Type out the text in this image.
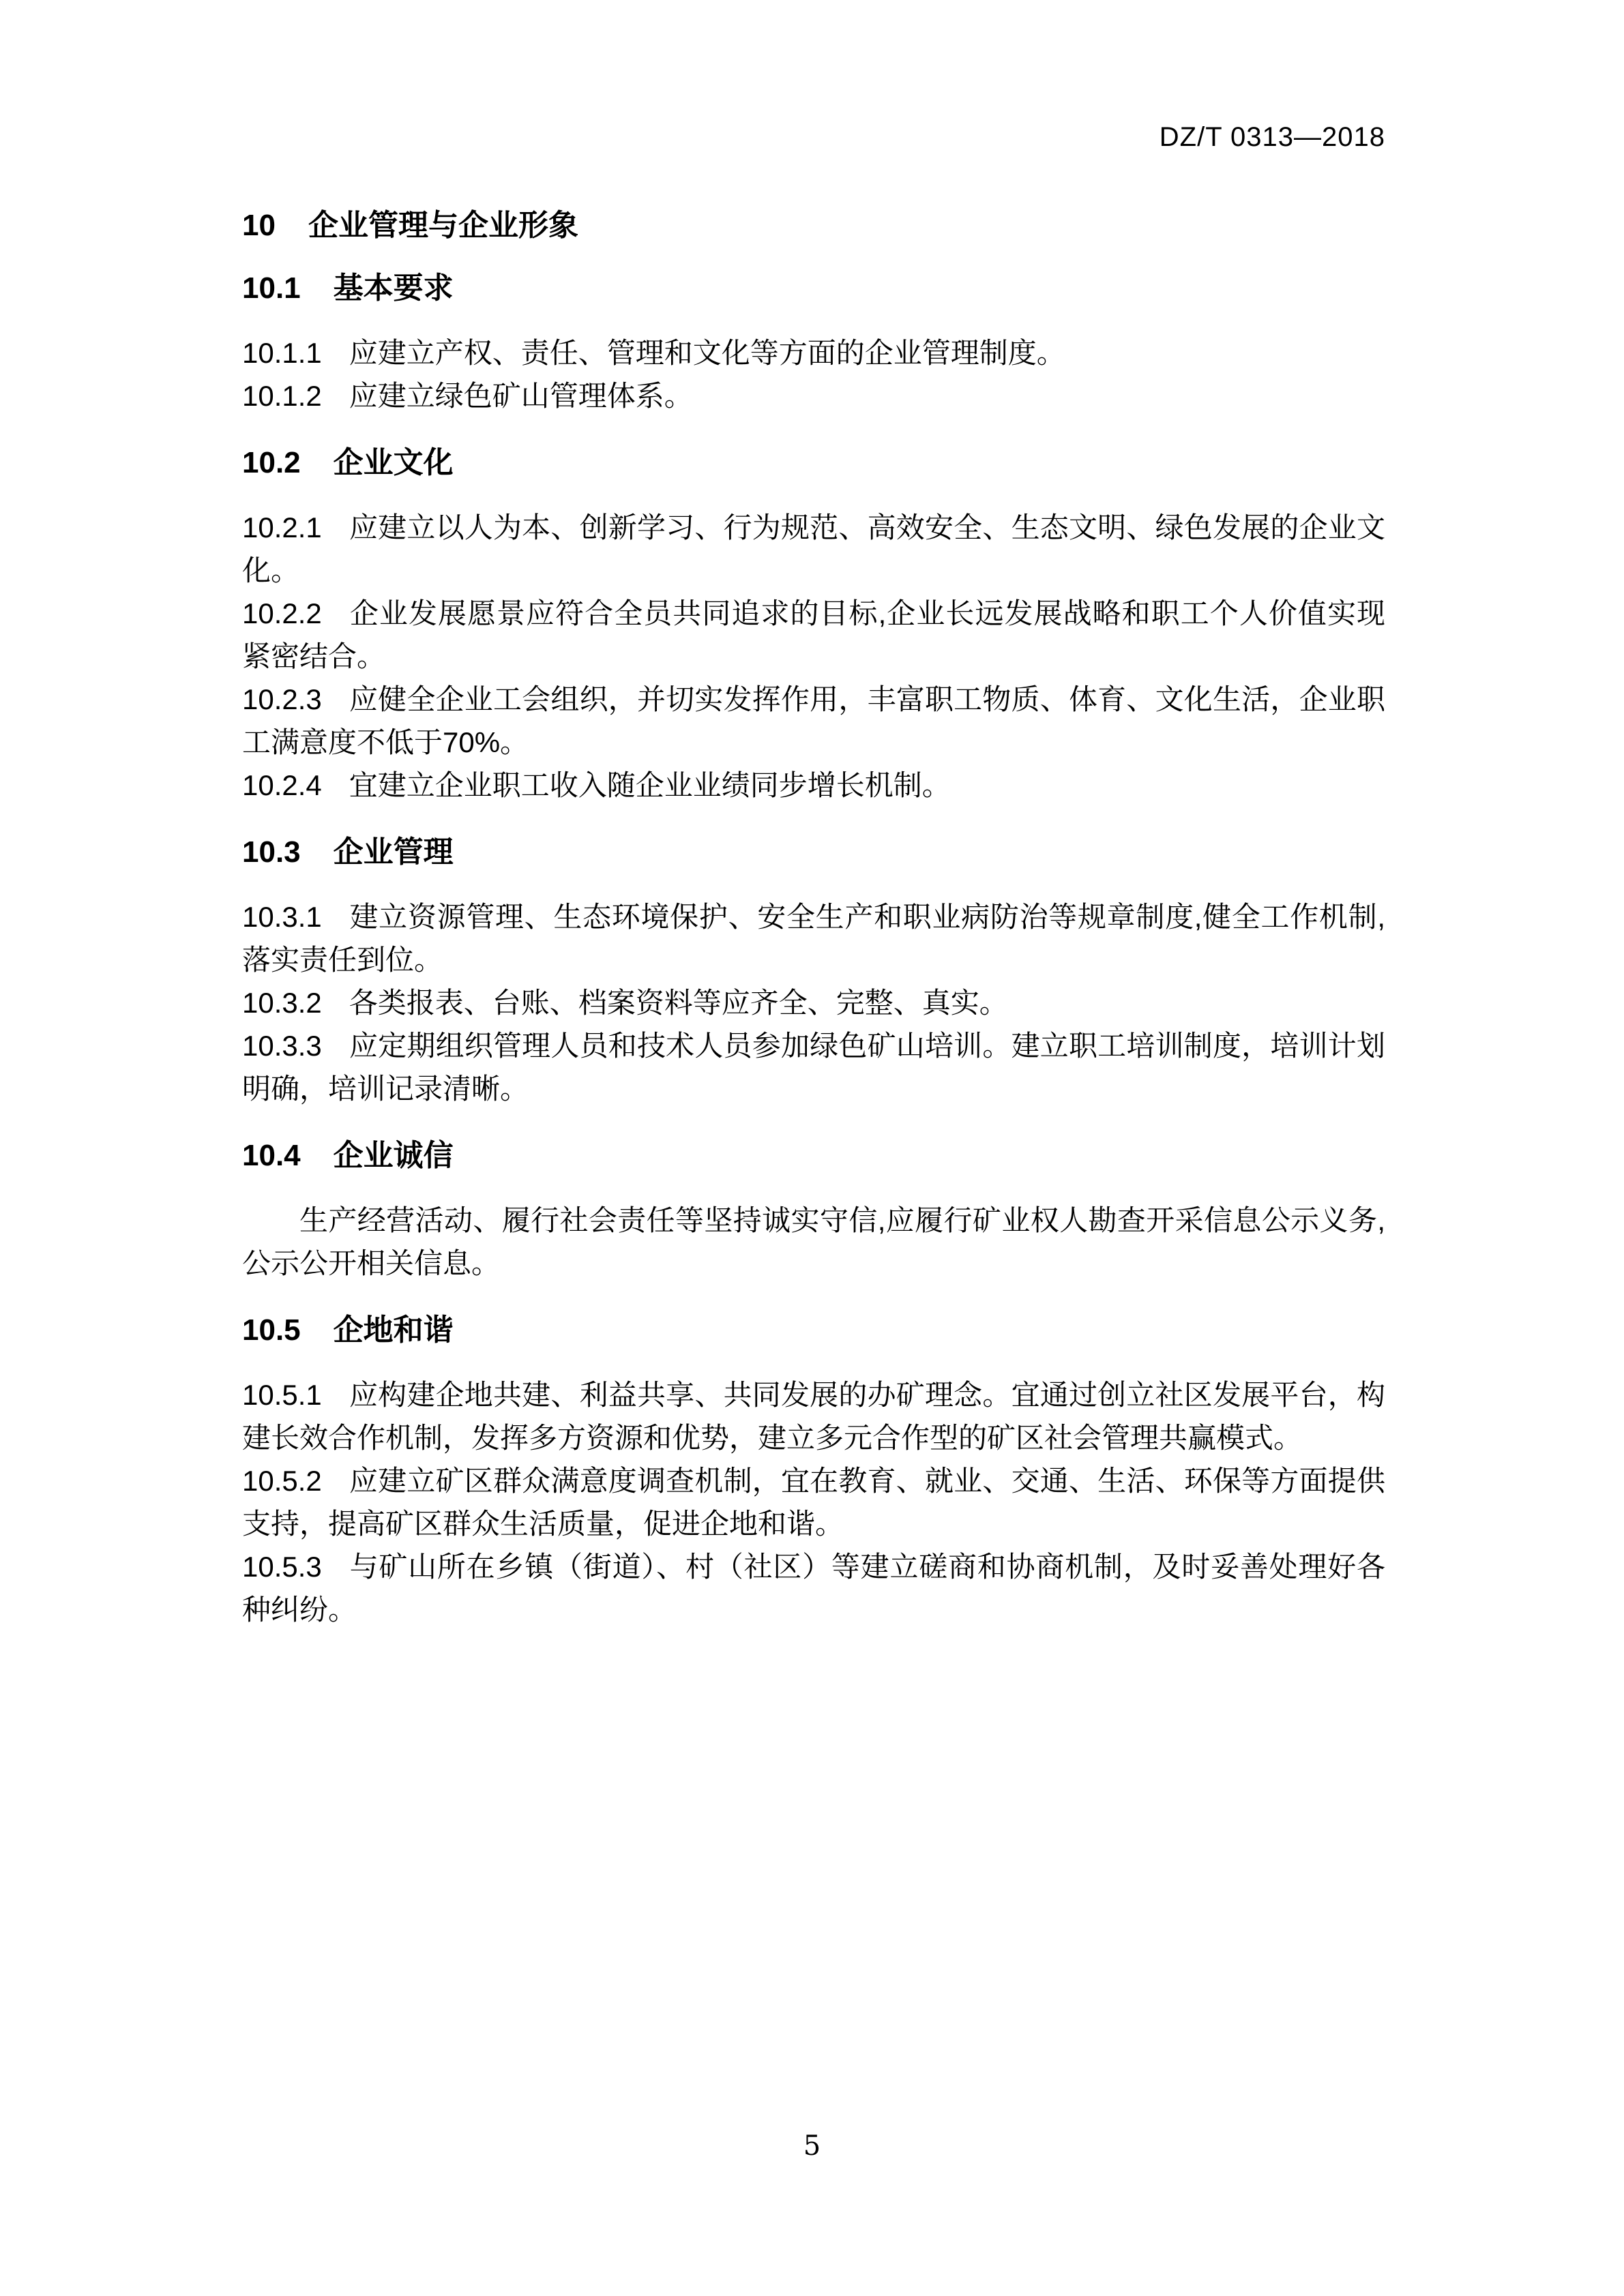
DZ/T 0313—2018
10 企业管理与企业形象
10.1 基本要求

10.1.1 应建立产权、责任、管理和文化等方面的企业管理制度。

10.1.2 应建立绿色矿山管理体系。

10.2 企业文化

10.2.1 应建立以人为本、创新学习、行为规范、高效安全、生态文明、绿色发展的企业文化。

10.2.2 企业发展愿景应符合全员共同追求的目标,企业长远发展战略和职工个人价值实现紧密结合。

10.2.3 应健全企业工会组织，并切实发挥作用，丰富职工物质、体育、文化生活，企业职工满意度不低于70%。

10.2.4 宜建立企业职工收入随企业业绩同步增长机制。

10.3 企业管理

10.3.1 建立资源管理、生态环境保护、安全生产和职业病防治等规章制度,健全工作机制,落实责任到位。

10.3.2 各类报表、台账、档案资料等应齐全、完整、真实。

10.3.3 应定期组织管理人员和技术人员参加绿色矿山培训。建立职工培训制度，培训计划明确，培训记录清晰。

10.4 企业诚信

生产经营活动、履行社会责任等坚持诚实守信,应履行矿业权人勘查开采信息公示义务,公示公开相关信息。

10.5 企地和谐

10.5.1 应构建企地共建、利益共享、共同发展的办矿理念。宜通过创立社区发展平台，构建长效合作机制，发挥多方资源和优势，建立多元合作型的矿区社会管理共赢模式。

10.5.2 应建立矿区群众满意度调查机制，宜在教育、就业、交通、生活、环保等方面提供支持，提高矿区群众生活质量，促进企地和谐。

10.5.3 与矿山所在乡镇（街道）、村（社区）等建立磋商和协商机制，及时妥善处理好各种纠纷。

5
